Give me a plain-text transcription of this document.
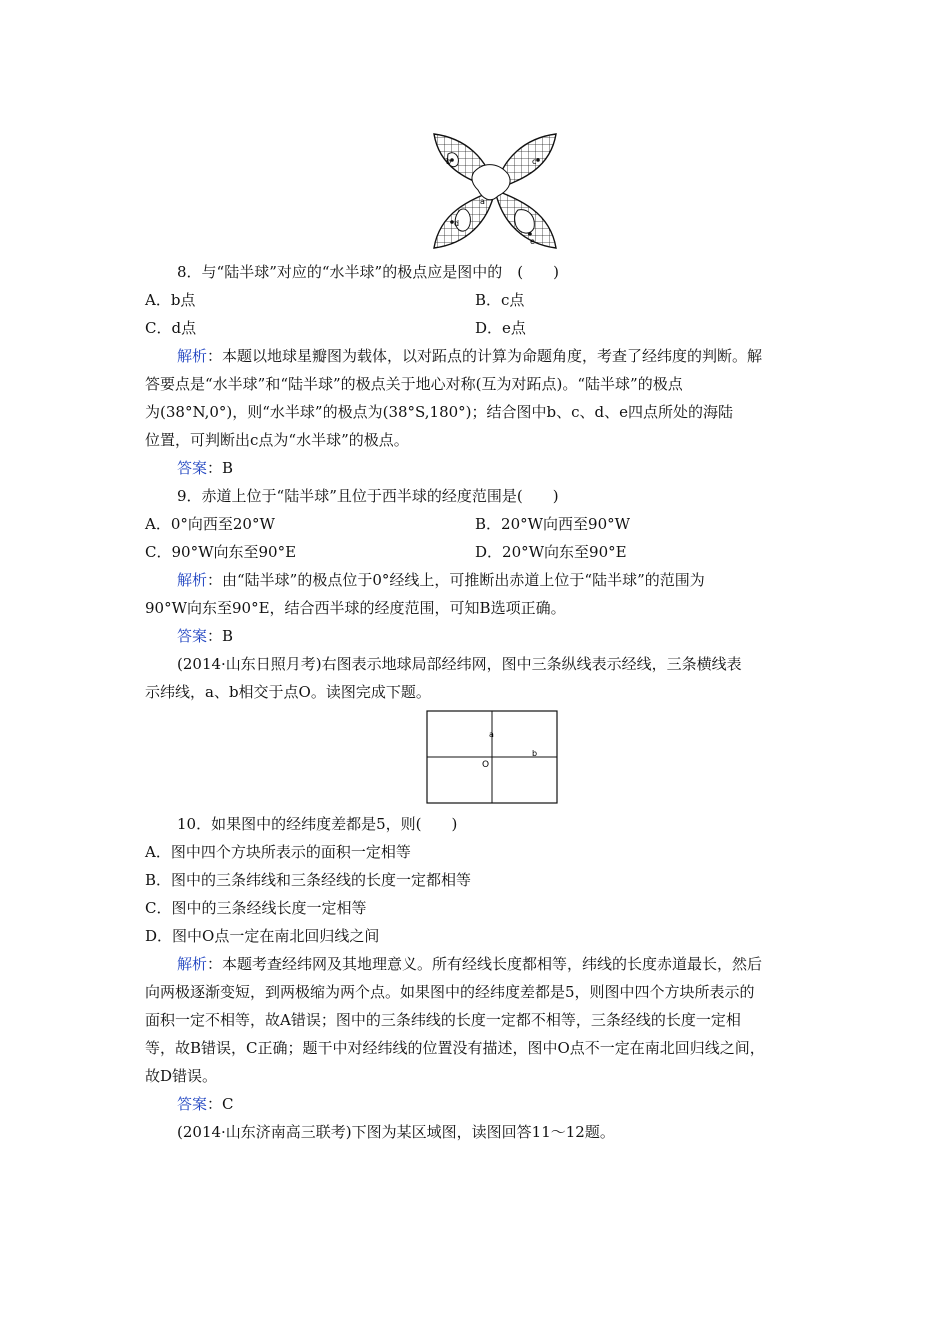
b	c
d
e
a
8．与“陆半球”对应的“水半球”的极点应是图中的　(　　)
A．b点	B．c点
C．d点	D．e点
解析：本题以地球星瓣图为载体，以对跖点的计算为命题角度，考查了经纬度的判断。解
答要点是“水半球”和“陆半球”的极点关于地心对称(互为对跖点)。“陆半球”的极点
为(38°N,0°)，则“水半球”的极点为(38°S,180°)；结合图中b、c、d、e四点所处的海陆
位置，可判断出c点为“水半球”的极点。
答案：B
9．赤道上位于“陆半球”且位于西半球的经度范围是(　　)
A．0°向西至20°W	B．20°W向西至90°W
C．90°W向东至90°E	D．20°W向东至90°E
解析：由“陆半球”的极点位于0°经线上，可推断出赤道上位于“陆半球”的范围为
90°W向东至90°E，结合西半球的经度范围，可知B选项正确。
答案：B
(2014·山东日照月考)右图表示地球局部经纬网，图中三条纵线表示经线，三条横线表
示纬线，a、b相交于点O。读图完成下题。
a
b
O
10．如果图中的经纬度差都是5，则(　　)
A．图中四个方块所表示的面积一定相等
B．图中的三条纬线和三条经线的长度一定都相等
C．图中的三条经线长度一定相等
D．图中O点一定在南北回归线之间
解析：本题考查经纬网及其地理意义。所有经线长度都相等，纬线的长度赤道最长，然后
向两极逐渐变短，到两极缩为两个点。如果图中的经纬度差都是5，则图中四个方块所表示的
面积一定不相等，故A错误；图中的三条纬线的长度一定都不相等，三条经线的长度一定相
等，故B错误，C正确；题干中对经纬线的位置没有描述，图中O点不一定在南北回归线之间，
故D错误。
答案：C
(2014·山东济南高三联考)下图为某区域图，读图回答11～12题。
